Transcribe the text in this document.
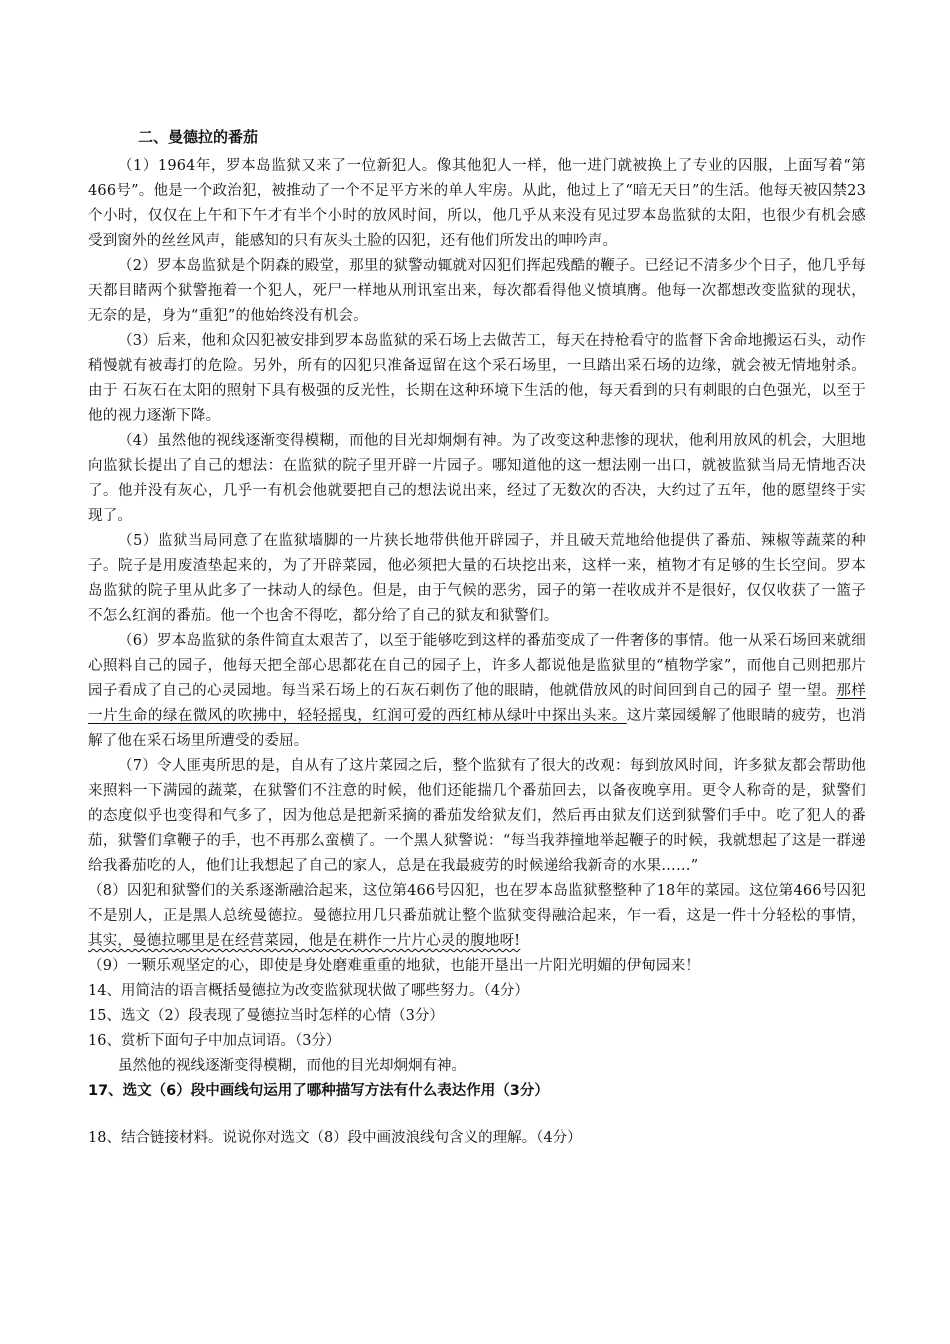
二、曼德拉的番茄

（1）1964年，罗本岛监狱又来了一位新犯人。像其他犯人一样，他一进门就被换上了专业的囚服，上面写着“第466号”。他是一个政治犯，被推动了一个不足平方米的单人牢房。从此，他过上了“暗无天日”的生活。他每天被囚禁23个小时，仅仅在上午和下午才有半个小时的放风时间，所以，他几乎从来没有见过罗本岛监狱的太阳，也很少有机会感受到窗外的丝丝风声，能感知的只有灰头土脸的囚犯，还有他们所发出的呻吟声。

（2）罗本岛监狱是个阴森的殿堂，那里的狱警动辄就对囚犯们挥起残酷的鞭子。已经记不清多少个日子，他几乎每天都目睹两个狱警拖着一个犯人，死尸一样地从刑讯室出来，每次都看得他义愤填膺。他每一次都想改变监狱的现状，无奈的是，身为“重犯”的他始终没有机会。

（3）后来，他和众囚犯被安排到罗本岛监狱的采石场上去做苦工，每天在持枪看守的监督下舍命地搬运石头，动作稍慢就有被毒打的危险。另外，所有的囚犯只准备逗留在这个采石场里，一旦踏出采石场的边缘，就会被无情地射杀。由于 石灰石在太阳的照射下具有极强的反光性，长期在这种环境下生活的他，每天看到的只有刺眼的白色强光，以至于他的视力逐渐下降。

（4）虽然他的视线逐渐变得模糊，而他的目光却炯炯有神。为了改变这种悲惨的现状，他利用放风的机会，大胆地向监狱长提出了自己的想法：在监狱的院子里开辟一片园子。哪知道他的这一想法刚一出口，就被监狱当局无情地否决了。他并没有灰心，几乎一有机会他就要把自己的想法说出来，经过了无数次的否决，大约过了五年，他的愿望终于实现了。

（5）监狱当局同意了在监狱墙脚的一片狭长地带供他开辟园子，并且破天荒地给他提供了番茄、辣椒等蔬菜的种子。院子是用废渣垫起来的，为了开辟菜园，他必须把大量的石块挖出来，这样一来，植物才有足够的生长空间。罗本岛监狱的院子里从此多了一抹动人的绿色。但是，由于气候的恶劣，园子的第一茬收成并不是很好，仅仅收获了一篮子不怎么红润的番茄。他一个也舍不得吃，都分给了自己的狱友和狱警们。

（6）罗本岛监狱的条件简直太艰苦了，以至于能够吃到这样的番茄变成了一件奢侈的事情。他一从采石场回来就细心照料自己的园子，他每天把全部心思都花在自己的园子上，许多人都说他是监狱里的“植物学家”，而他自己则把那片园子看成了自己的心灵园地。每当采石场上的石灰石刺伤了他的眼睛，他就借放风的时间回到自己的园子 望一望。那样一片生命的绿在微风的吹拂中，轻轻摇曳，红润可爱的西红柿从绿叶中探出头来。这片菜园缓解了他眼睛的疲劳，也消解了他在采石场里所遭受的委屈。

（7）令人匪夷所思的是，自从有了这片菜园之后，整个监狱有了很大的改观：每到放风时间，许多狱友都会帮助他来照料一下满园的蔬菜，在狱警们不注意的时候，他们还能揣几个番茄回去，以备夜晚享用。更令人称奇的是，狱警们的态度似乎也变得和气多了，因为他总是把新采摘的番茄发给狱友们，然后再由狱友们送到狱警们手中。吃了犯人的番茄，狱警们拿鞭子的手，也不再那么蛮横了。一个黑人狱警说：“每当我莽撞地举起鞭子的时候，我就想起了这是一群递给我番茄吃的人，他们让我想起了自己的家人，总是在我最疲劳的时候递给我新奇的水果……”

（8）囚犯和狱警们的关系逐渐融洽起来，这位第466号囚犯，也在罗本岛监狱整整种了18年的菜园。这位第466号囚犯不是别人，正是黑人总统曼德拉。曼德拉用几只番茄就让整个监狱变得融洽起来，乍一看，这是一件十分轻松的事情，其实，曼德拉哪里是在经营菜园，他是在耕作一片片心灵的腹地呀!

（9）一颗乐观坚定的心，即使是身处磨难重重的地狱，也能开垦出一片阳光明媚的伊甸园来！

14、用简洁的语言概括曼德拉为改变监狱现状做了哪些努力。（4分）

15、选文（2）段表现了曼德拉当时怎样的心情（3分）

16、赏析下面句子中加点词语。（3分）

虽然他的视线逐渐变得模糊，而他的目光却炯炯有神。

17、选文（6）段中画线句运用了哪种描写方法有什么表达作用（3分）

18、结合链接材料。说说你对选文（8）段中画波浪线句含义的理解。（4分）
